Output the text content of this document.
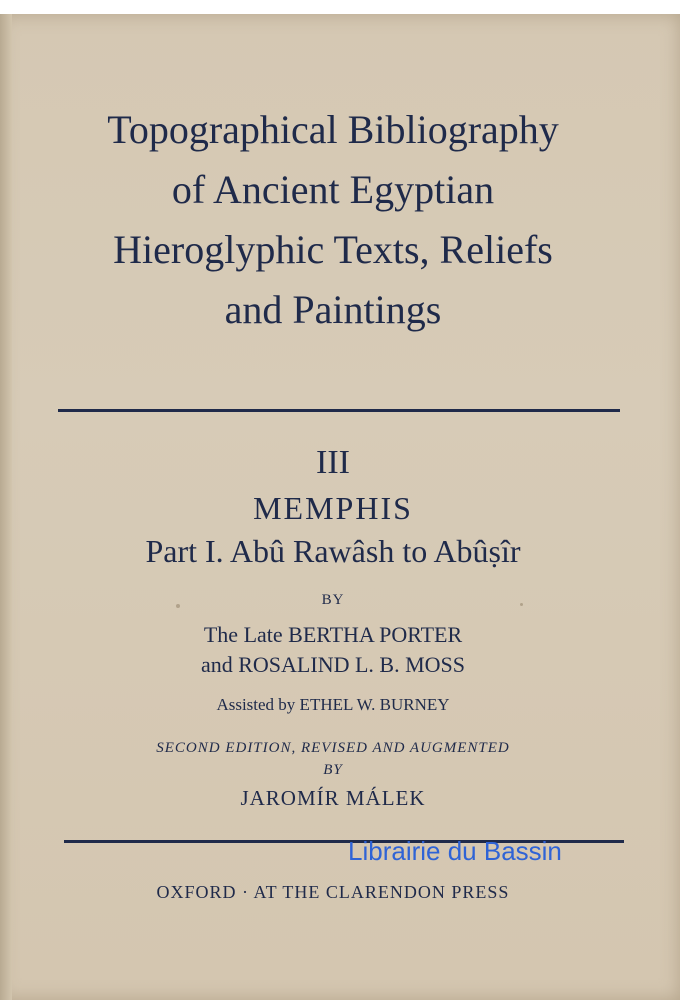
Topographical Bibliography
of Ancient Egyptian
Hieroglyphic Texts, Reliefs
and Paintings
III
MEMPHIS
Part I. Abû Rawâsh to Abûṣîr
BY
The Late BERTHA PORTER
and ROSALIND L. B. MOSS
Assisted by ETHEL W. BURNEY
SECOND EDITION, REVISED AND AUGMENTED
BY
JAROMÍR MÁLEK
Librairie du Bassin
OXFORD · AT THE CLARENDON PRESS
